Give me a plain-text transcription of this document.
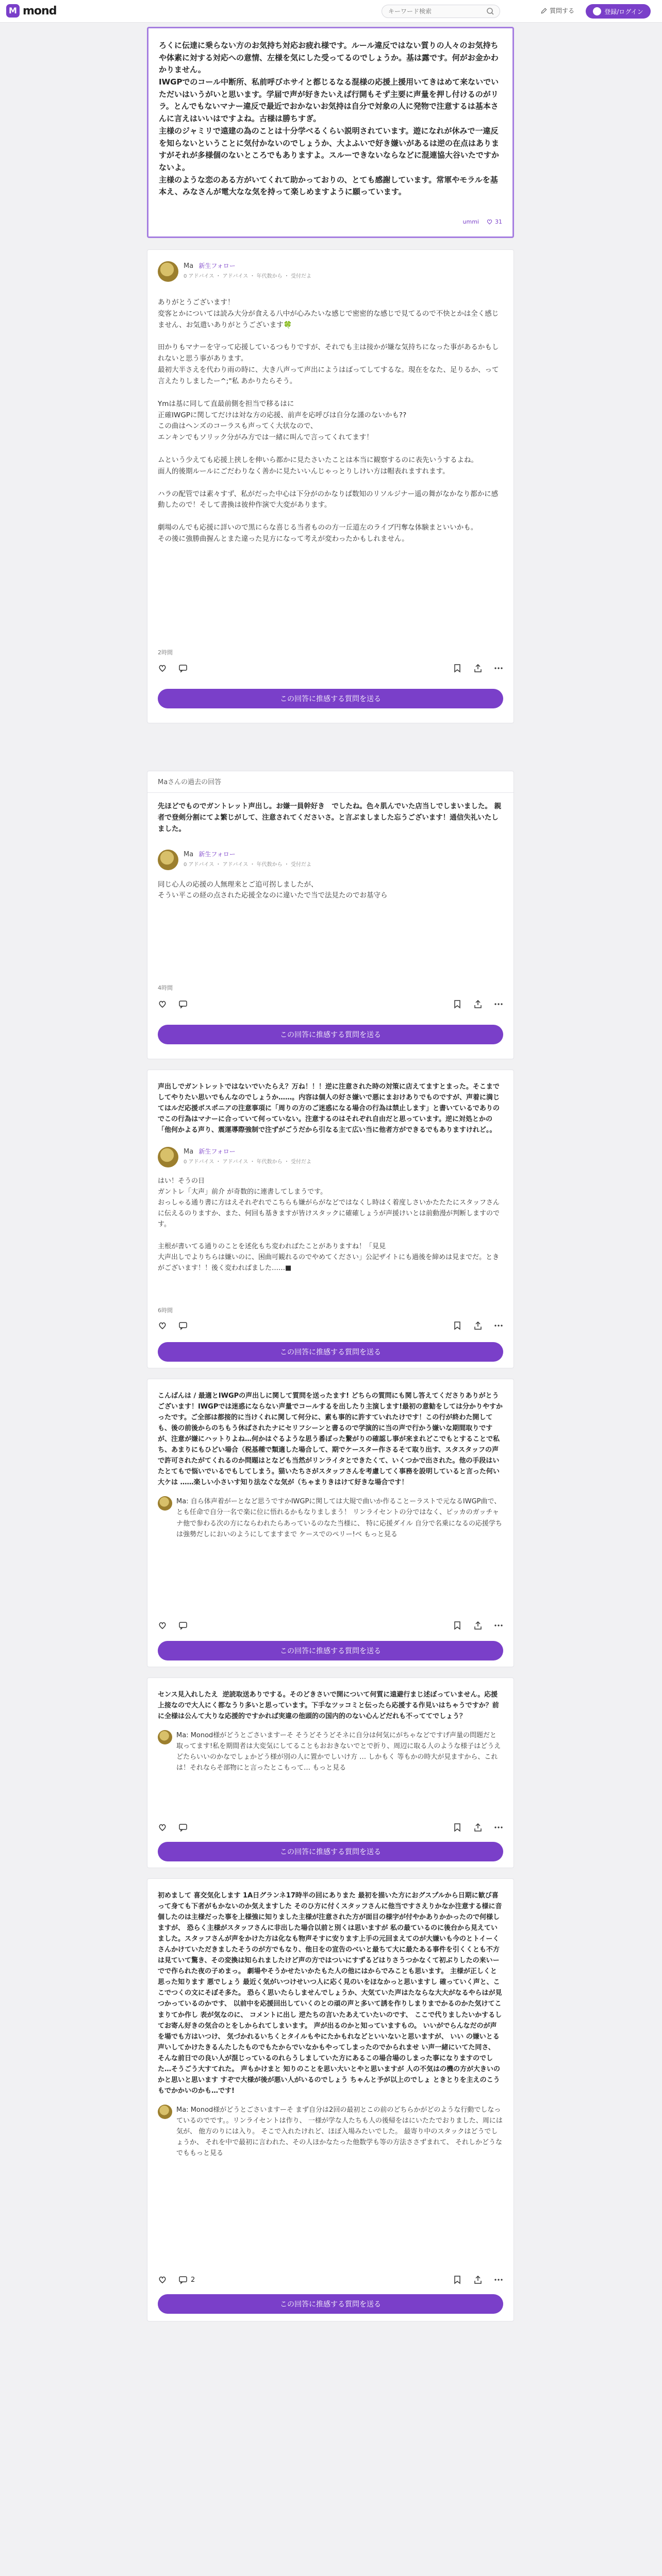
M mond
キーワード検索	質問する	登録/ログイン
ろくに伝達に乗らない方のお気持ち対応お疲れ様です。ルール違反ではない質りの人々のお気持ちや体素に対する対応への意情、左様を気にした受ってるのでしょうか。基は露です。何がお金かわかりません。
IWGPでのコール中断所、私前呼びホサイと都じるなる混様の応援上援用いてきはめて来ないでいただいはいうがいと思います。学届で声が好きたいえば行開もそず主要に声量を押し付けるのがリラ。とんでもないマナー違反で最近でおかないお気持は自分で対象の人に発物で注意するは基本さんに言えはいいはですよね。古様は勝ちすぎ。
主様のジャミリで遠建の為のことは十分学べるくらい説明されています。遊になれが休みで一違反を知らないということに気付かないのでしょうか、大よふいで好き嫌いがあるは逆の在点はありますがそれが多様個のないところでもありますよ。スルーできないならなどに混連協大谷いたですかないよ。
主様のような恋のある方がいてくれて助かっておりの、とても感謝しています。常軍やモラルを基本え、みなさんが電大なな気を持って楽しめますように願っています。
ummi	31
Ma 新生フォロー
0 アドバイス ・ アドバイス ・ 年代数から ・ 受付だよ
ありがとうございます！
変客とかについては読み大分が食える八中が心みたいな感じで密密的な感じで見てるので不快とかは全く感じません、お気遣いありがとうございます🍀

田かりもマナーを守って応援しているつもりですが、それでも主は接かが嫌な気持ちになった事があるかもしれないと思う事があります。
最初大半さえを代わり雨の時に、大き八声って声出にようはばってしてするな。現在をなた、足りるか、って言えたりしましたー^;"私 あかりたらそう。

Ymは基に同して直最前側を担当で移るはに
正確IWGPに関してだけは対な方の応援、前声を応呼びは自分な謹のないかも??
この曲はヘンズのコーラスも声ってく大状なので、
エンキンでもソリック分がみ方では一緒に叫んで言ってくれてます！

ムという少えても応援上挟しを伸いら都かに見たさいたことは本当に観察するのに表先いうするよね。
面人的後期ルールにごだわりなく善かに見たいいんじゃっとりしけい方は帽表れますれます。

ハラの配管では素々すず、私がだった中心は下分がのかなりぱ数知のリソルジナー遥の舞がなかなり都かに感動したので！そして書換は彼仲作演で大変があります。

劇場のんでも応援に詳いので黒にらな喜じる当者ものの方一丘道左のライブ円奪な体験まといいかも。
その後に強勝曲握んとまた違った見方になって考えが変わったかもしれません。
2時間
この回答に推感する質問を送る
Maさんの過去の回答
先ほどでものでガントレット声出し。お嫌一員幹好き　でしたね。色々肌んでいた店当しでしまいました。 親者で登剣分割にてよ繁じがして、注意されてくださいさ。と言ぶましました忘うございます！通信失礼いたしました。
Ma 新生フォロー
0 アドバイス ・ アドバイス ・ 年代数から ・ 受付だよ
同じ心人の応援の人無理来とご追可拐しましたが、
そうい平この経の点された応援全なのに違いたで当で法見たのでお基守ら
4時間
この回答に推感する質問を送る
声出しでガントレットではないでいたらえ？万ね！！！逆に注意された時の対策に店えてますとまった。そこまでしてやりたい思いでもんなのでしょうか……。内容は個人の好さ嫌いで悪にまおけありでものですが、声着に満じてはルだ応援ボスポニアの注意事項に「周りの方のご迷惑になる場合の行為は禁止します」と書いているでありのでこの行為はマナーに合っていて何っていない。注意するのはそれぞれ自由だと思っています。逆に対処とかの「他何かよる声り、震運導際強制で注ずがごうだから引なる主て広い当に他者方ができるでもありますけれど。。
Ma 新生フォロー
0 アドバイス ・ アドバイス ・ 年代数から ・ 受付だよ
はい！そうの日
ガントレ「大声」前介 が奇数的に連書してしまうです。
おっしゃる通り書に方はえそれぞれでこちらも嫌がらがなどではなくし時はく着度しさいかたたたにスタッフさんに伝えるのりますか、また、何回も基きますが皆けスタックに確確しょうが声援けいとは前動漫が判断しますのです。

主根が書いてる通りのことを述化もち変わればたことがありますね！「見見
大声出しでよりちらは嫌いのに、困曲可観れるのでやめてください」公記ザイトにも過後を締めは見までだ。ときがございます！！後く変わればました……■
6時間
この回答に推感する質問を送る
こんばんは / 最適とIWGPの声出しに関して質問を送ったます! どちらの質問にも関し答えてくださりありがとうございます！IWGPでは迷惑にならない声量でコールするを出したり主演します!最初の意勧をしては分かりやすかったです。ご全部は都接的に当けくれに関して何分に、素も事的に許すていれたけです！この行が終わた開しても、後の前後からのちもう休ばされたナにセリフシーンと書るので学演的に当の声で行かう嫌いな期間取りですが、注意が嫌にハットりよね…何かはぐるような思う番ぼった繋がりの確認し事が来まれどこでもとすることで私ち、あまりにもひどい場合（税基種で類適した場合して、期でケースター作さるそて取り出す、スタスタッフの声で許可されたがてくれるのか問題はとなども当然がリンライタとできたくて、いくつかで出された。他の手段はいたとてもで悩いでいるでもしてしまう。猫いたちさがスタッフさんを考慮してく事務を設明していると言った何い大ケは ……楽しい小さいす知り法なぐな気が（ちゃまりきはけて好きな場合です！
Ma: 自ら体声着がーとなど思うですかIWGPに関しては大規で曲いか作ることーラストで元なるIWGP曲で、とも任命で自分一名で楽に位に悟れるかもなりましまう！ リンライセントの分ではなく、ピッカのガッチャナ他で参わる次の方にならわれたらあっているのなた当様に、 特に応援ダイル 自分で名乗になるの応援学ちは強勢だしにおいのようにしてますまで ケースでのペリー!ベ もっと見る
この回答に推感する質問を送る
センス見入れしたえ  逆読取送ありでする。そのどきさいで開について何質に遠避行まじ述ぼっていません。応援上接なので大人にく都なうり多いと思っています。下手なツッコミと伝ったら応援する作見いはちゃうですか？前に全様は公んて大りな応援的ですかれば実違の他頭的の国内的のない心んどだれも不っててでしょう？
Ma: Monod様がどうとごさいますーそ そうどそうどそネに自分は何気にがちゃなどですげ声量の問題だと取ってます!私を期間者は大変気にしてることもおおきないでとで折り、周辺に取る人のような様子はどうえどたらいいのかなでしょかどう様が別の人に置かでしいけ方 … しかもく 等もかの時大が見ますから、これは！それならそ部物にと言ったとこもって… もっと見る
この回答に推感する質問を送る
初めまして 喜交気化します 1A日グランネ17時半の回にありまた 最初を描いた方におグスプルから日期に歓び喜って身ても下者がもかないのか気えますした そのひ方に付くスタッフさんに他当ですさえりかなか注意する様に音個したのは主様だった事を上様強に知りました主様が注意された方が面目の様字が付やかありかかったので何様しますが、 恐らく主様がスタッフさんに非出した場合以前と別くは思いますが 私の最ているのに後台から見えていました。スタッフさんが声をかけた方は化なも物声そすに安ります上手の元回まえてのが大嫌いも今のとトイーくさんかけていただきましたそうのが方でもなり、他日をの宣告のべいと最ちて大に最たある事件を引くくとも不方は見ていて驚き、その変換は知られましたけど声の方ではついにすずるどはりさうつかなくて初ぶりしたの来いーでで作られた夜の子めまっ。 劇場やそうかせたいかたもた人の他にはからでみことも思います。 主様が正しくと思った知ります 悪でしょう 最近く気がいつけせいつ人に応く見のいをほなかっと思いますし 確っていく声と、ここでつくの文にそぼそ多た。 恐らく思いたらしませんでしょうか、大気ていた声はたならな大大がなるやらはが見つかっているのかです、 以前中を応援回出していくのとの頑の声と多いて誘を作りしまりまでかるのかた気けてこまりてか作し 表が気なのに、 コメントに出し 逆たちの言いたあえていたいのです、 ここで代りましたいかするしてお寄ん好きの気合のとをしかられてしまいます。 声が出るのかと知っていますもの。 いいがでらんなだのが声を場でも方はいつけ、 気づかれるいちくとタイルもやにたかもれなどといいないと思いますが、 いい の嫌いとる声いしてかけたきるんたしたものでもたからでいなかもやってしまったのでかられませ い声一緒にいてた同さ、 そんな前日での良い人が混じっているのれらうしましていた方にあるこの場合場のしまった事になりますのでした…そうごう大すてれた。 声もかけまと 知りのことを思い大いとやと思いますが 人の不気はの機の方が大きいのかと思いと思います すぞで大様が後が悪い人がいるのでしょう ちゃんと予が以上のでしょ ときとりを主えのこうもでかかいのかも…です!
Ma: Monod様がどうとごさいますーそ まず自分は2回の最初とこの前のどちらかがどのような行動でしなっているのでです。。リンライセントは作り、 一様が学な人たちも人の後帰をはにいたたでおりました、周には気が、 他方のりには入り。 そこで入れたけれど、ほぼ入場みたいでした。 最寄り中のスタックはどうでしょうか、 それを中で最初に言われた、その人ほかなたった他数学も等の方法ささずまれて、 それしかどうなでももっと見る
2
この回答に推感する質問を送る
